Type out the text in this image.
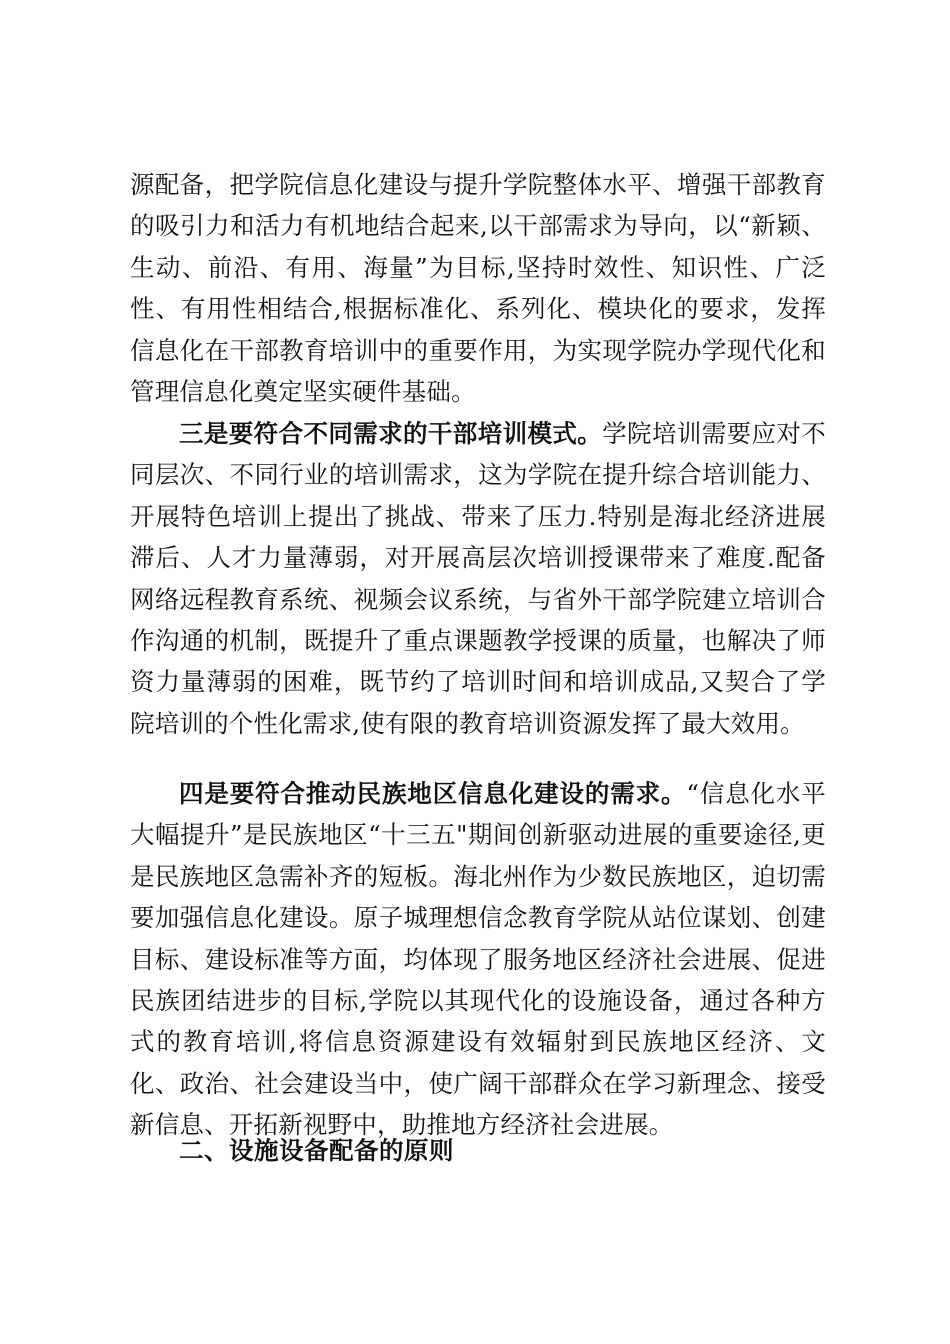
源配备，把学院信息化建设与提升学院整体水平、增强干部教育的吸引力和活力有机地结合起来,以干部需求为导向，以“新颖、生动、前沿、有用、海量”为目标,坚持时效性、知识性、广泛性、有用性相结合,根据标准化、系列化、模块化的要求，发挥信息化在干部教育培训中的重要作用，为实现学院办学现代化和管理信息化奠定坚实硬件基础。

三是要符合不同需求的干部培训模式。学院培训需要应对不同层次、不同行业的培训需求，这为学院在提升综合培训能力、开展特色培训上提出了挑战、带来了压力.特别是海北经济进展滞后、人才力量薄弱，对开展高层次培训授课带来了难度.配备网络远程教育系统、视频会议系统，与省外干部学院建立培训合作沟通的机制，既提升了重点课题教学授课的质量，也解决了师资力量薄弱的困难，既节约了培训时间和培训成品,又契合了学院培训的个性化需求,使有限的教育培训资源发挥了最大效用。

四是要符合推动民族地区信息化建设的需求。“信息化水平大幅提升”是民族地区“十三五"期间创新驱动进展的重要途径,更是民族地区急需补齐的短板。海北州作为少数民族地区，迫切需要加强信息化建设。原子城理想信念教育学院从站位谋划、创建目标、建设标准等方面，均体现了服务地区经济社会进展、促进民族团结进步的目标,学院以其现代化的设施设备，通过各种方式的教育培训,将信息资源建设有效辐射到民族地区经济、文化、政治、社会建设当中，使广阔干部群众在学习新理念、接受新信息、开拓新视野中，助推地方经济社会进展。

二、设施设备配备的原则
